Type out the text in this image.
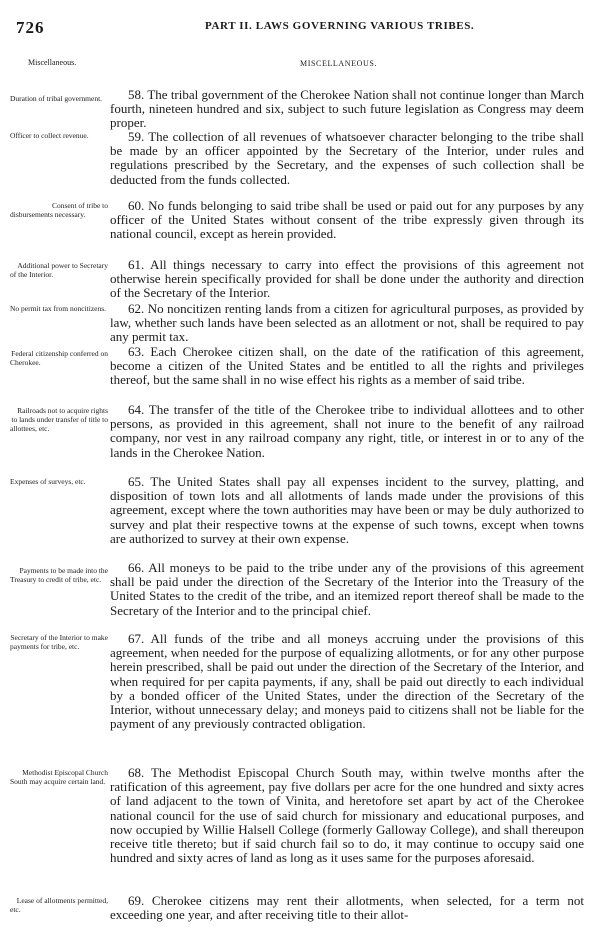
726	PART II. LAWS GOVERNING VARIOUS TRIBES.
Miscellaneous.	MISCELLANEOUS.
Duration of tribal government.	58. The tribal government of the Cherokee Nation shall not continue longer than March fourth, nineteen hundred and six, subject to such future legislation as Congress may deem proper.

Officer to collect revenue.	59. The collection of all revenues of whatsoever character belonging to the tribe shall be made by an officer appointed by the Secretary of the Interior, under rules and regulations prescribed by the Secretary, and the expenses of such collection shall be deducted from the funds collected.

Consent of tribe to disbursements necessary.

60. No funds belonging to said tribe shall be used or paid out for any purposes by any officer of the United States without consent of the tribe expressly given through its national council, except as herein provided.

Additional power to Secretary of the Interior.

61. All things necessary to carry into effect the provisions of this agreement not otherwise herein specifically provided for shall be done under the authority and direction of the Secretary of the Interior.

No permit tax from noncitizens.	62. No noncitizen renting lands from a citizen for agricultural purposes, as provided by law, whether such lands have been selected as an allotment or not, shall be required to pay any permit tax.

Federal citizenship conferred on Cherokee.

63. Each Cherokee citizen shall, on the date of the ratification of this agreement, become a citizen of the United States and be entitled to all the rights and privileges thereof, but the same shall in no wise effect his rights as a member of said tribe.

Railroads not to acquire rights to lands under transfer of title to allottees, etc.

64. The transfer of the title of the Cherokee tribe to individual allottees and to other persons, as provided in this agreement, shall not inure to the benefit of any railroad company, nor vest in any railroad company any right, title, or interest in or to any of the lands in the Cherokee Nation.

Expenses of surveys, etc.	65. The United States shall pay all expenses incident to the survey, platting, and disposition of town lots and all allotments of lands made under the provisions of this agreement, except where the town authorities may have been or may be duly authorized to survey and plat their respective towns at the expense of such towns, except when towns are authorized to survey at their own expense.

Payments to be made into the Treasury to credit of tribe, etc.

66. All moneys to be paid to the tribe under any of the provisions of this agreement shall be paid under the direction of the Secretary of the Interior into the Treasury of the United States to the credit of the tribe, and an itemized report thereof shall be made to the Secretary of the Interior and to the principal chief.

Secretary of the Interior to make payments for tribe, etc.

67. All funds of the tribe and all moneys accruing under the provisions of this agreement, when needed for the purpose of equalizing allotments, or for any other purpose herein prescribed, shall be paid out under the direction of the Secretary of the Interior, and when required for per capita payments, if any, shall be paid out directly to each individual by a bonded officer of the United States, under the direction of the Secretary of the Interior, without unnecessary delay; and moneys paid to citizens shall not be liable for the payment of any previously contracted obligation.

Methodist Episcopal Church South may acquire certain land.

68. The Methodist Episcopal Church South may, within twelve months after the ratification of this agreement, pay five dollars per acre for the one hundred and sixty acres of land adjacent to the town of Vinita, and heretofore set apart by act of the Cherokee national council for the use of said church for missionary and educational purposes, and now occupied by Willie Halsell College (formerly Galloway College), and shall thereupon receive title thereto; but if said church fail so to do, it may continue to occupy said one hundred and sixty acres of land as long as it uses same for the purposes aforesaid.

Lease of allotments permitted, etc.

69. Cherokee citizens may rent their allotments, when selected, for a term not exceeding one year, and after receiving title to their allot-
